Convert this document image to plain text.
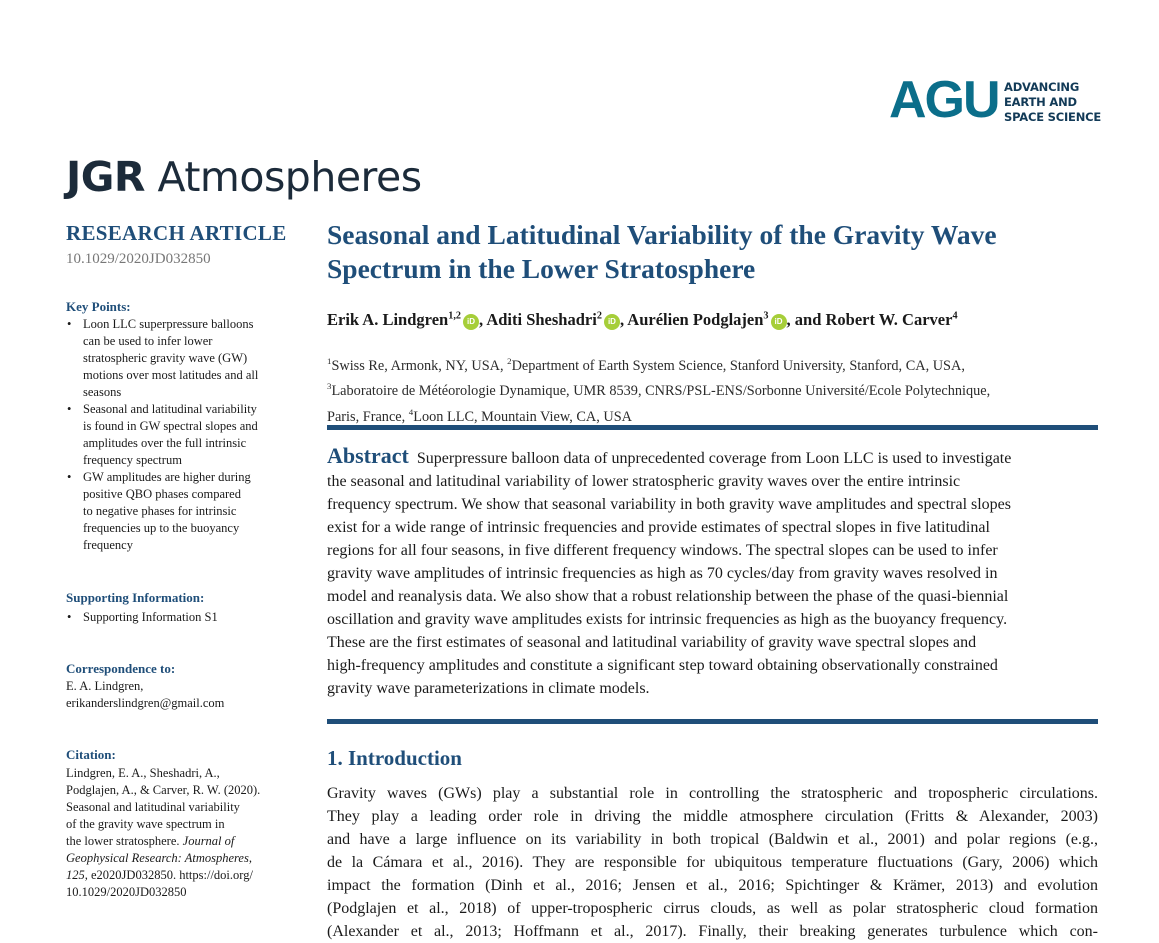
AGU ADVANCING
EARTH AND
SPACE SCIENCE
JGR Atmospheres
RESEARCH ARTICLE
10.1029/2020JD032850
Key Points:
• Loon LLC superpressure balloons
can be used to infer lower
stratospheric gravity wave (GW)
motions over most latitudes and all
seasons
• Seasonal and latitudinal variability
is found in GW spectral slopes and
amplitudes over the full intrinsic
frequency spectrum
• GW amplitudes are higher during
positive QBO phases compared
to negative phases for intrinsic
frequencies up to the buoyancy
frequency
Supporting Information:
• Supporting Information S1
Correspondence to:
E. A. Lindgren,
erikanderslindgren@gmail.com
Citation:
Lindgren, E. A., Sheshadri, A.,
Podglajen, A., & Carver, R. W. (2020).
Seasonal and latitudinal variability
of the gravity wave spectrum in
the lower stratosphere. Journal of
Geophysical Research: Atmospheres,
125, e2020JD032850. https://doi.org/
10.1029/2020JD032850
Seasonal and Latitudinal Variability of the Gravity Wave
Spectrum in the Lower Stratosphere
Erik A. Lindgren$^{1,2}$ iD , Aditi Sheshadri$^2$ iD , Aurélien Podglajen$^3$ iD , and Robert W. Carver$^4$
$^1$Swiss Re, Armonk, NY, USA, $^2$Department of Earth System Science, Stanford University, Stanford, CA, USA,
$^3$Laboratoire de Météorologie Dynamique, UMR 8539, CNRS/PSL-ENS/Sorbonne Université/Ecole Polytechnique,
Paris, France, $^4$Loon LLC, Mountain View, CA, USA
Abstract Superpressure balloon data of unprecedented coverage from Loon LLC is used to investigate
the seasonal and latitudinal variability of lower stratospheric gravity waves over the entire intrinsic
frequency spectrum. We show that seasonal variability in both gravity wave amplitudes and spectral slopes
exist for a wide range of intrinsic frequencies and provide estimates of spectral slopes in five latitudinal
regions for all four seasons, in five different frequency windows. The spectral slopes can be used to infer
gravity wave amplitudes of intrinsic frequencies as high as 70 cycles/day from gravity waves resolved in
model and reanalysis data. We also show that a robust relationship between the phase of the quasi-biennial
oscillation and gravity wave amplitudes exists for intrinsic frequencies as high as the buoyancy frequency.
These are the first estimates of seasonal and latitudinal variability of gravity wave spectral slopes and
high-frequency amplitudes and constitute a significant step toward obtaining observationally constrained
gravity wave parameterizations in climate models.
1. Introduction
Gravity waves (GWs) play a substantial role in controlling the stratospheric and tropospheric circulations.
They play a leading order role in driving the middle atmosphere circulation (Fritts & Alexander, 2003)
and have a large influence on its variability in both tropical (Baldwin et al., 2001) and polar regions (e.g.,
de la Cámara et al., 2016). They are responsible for ubiquitous temperature fluctuations (Gary, 2006) which
impact the formation (Dinh et al., 2016; Jensen et al., 2016; Spichtinger & Krämer, 2013) and evolution
(Podglajen et al., 2018) of upper-tropospheric cirrus clouds, as well as polar stratospheric cloud formation
(Alexander et al., 2013; Hoffmann et al., 2017). Finally, their breaking generates turbulence which con-
